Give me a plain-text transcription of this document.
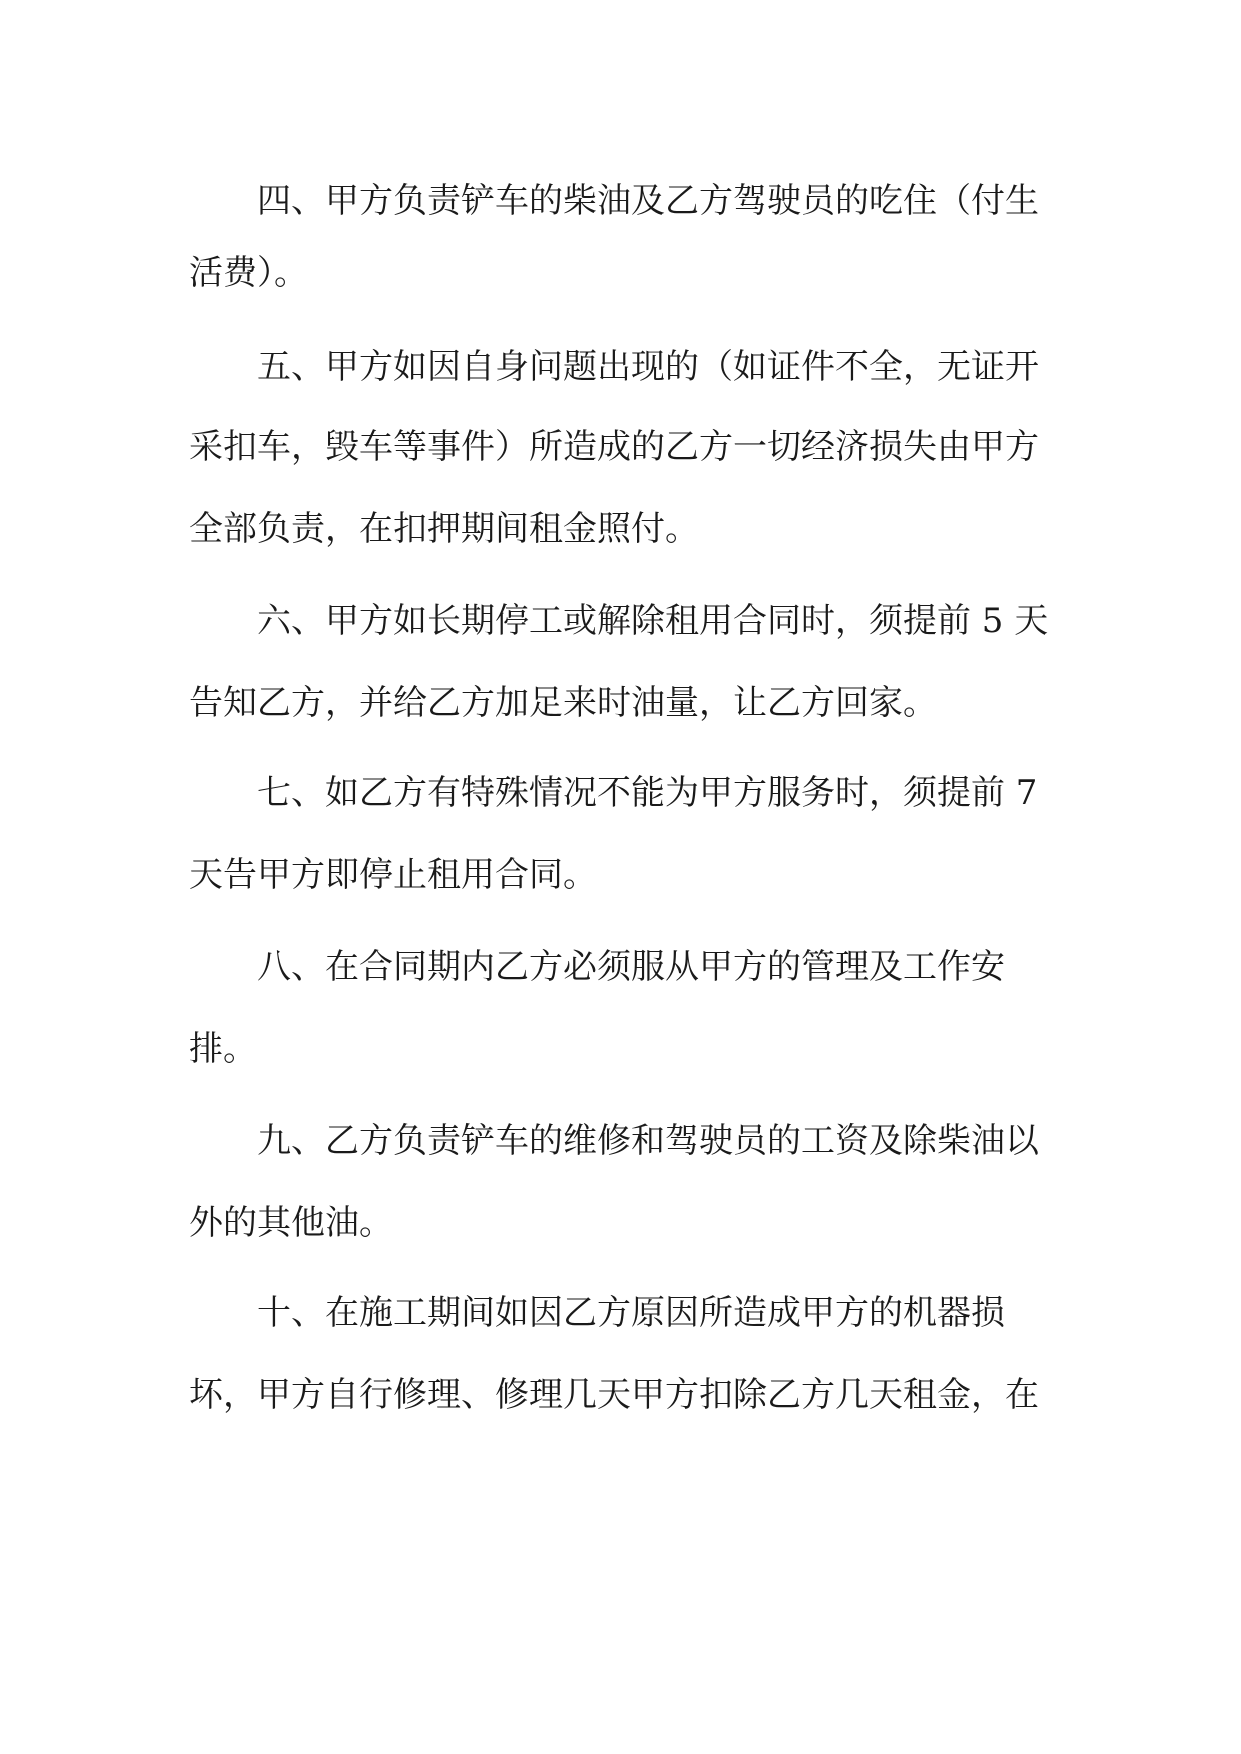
四、甲方负责铲车的柴油及乙方驾驶员的吃住（付生

活费）。

五、甲方如因自身问题出现的（如证件不全，无证开

采扣车，毁车等事件）所造成的乙方一切经济损失由甲方

全部负责，在扣押期间租金照付。

六、甲方如长期停工或解除租用合同时，须提前 5 天

告知乙方，并给乙方加足来时油量，让乙方回家。

七、如乙方有特殊情况不能为甲方服务时，须提前 7

天告甲方即停止租用合同。

八、在合同期内乙方必须服从甲方的管理及工作安

排。

九、乙方负责铲车的维修和驾驶员的工资及除柴油以

外的其他油。

十、在施工期间如因乙方原因所造成甲方的机器损

坏，甲方自行修理、修理几天甲方扣除乙方几天租金，在
